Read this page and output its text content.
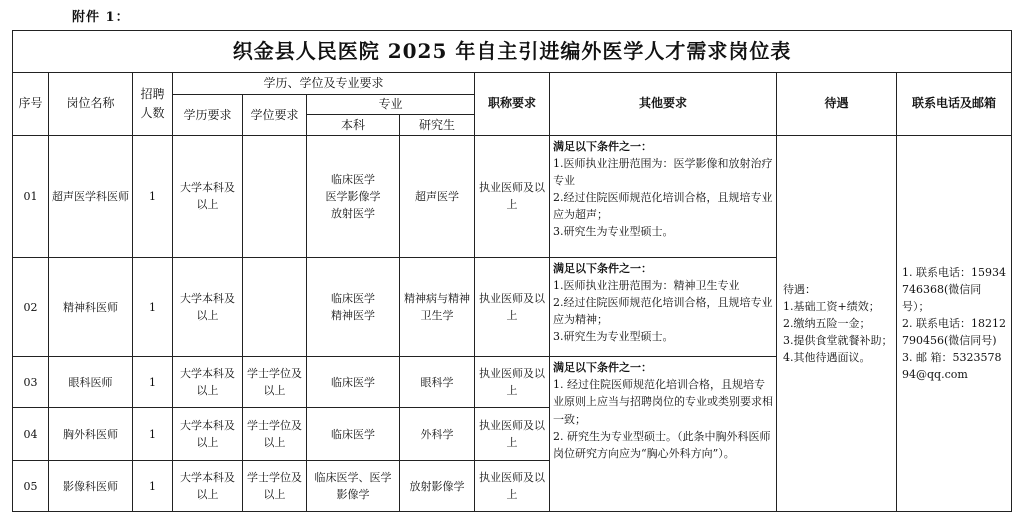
附件 1：
织金县人民医院 2025 年自主引进编外医学人才需求岗位表										
序号	岗位名称	招聘人数	学历、学位及专业要求				职称要求	其他要求	待遇	联系电话及邮箱
			学历要求	学位要求	专业					
					本科	研究生				
01	超声医学科医师	1	大学本科及以上		临床医学
医学影像学
放射医学	超声医学	执业医师及以上	满足以下条件之一：
1.医师执业注册范围为：医学影像和放射治疗专业
2.经过住院医师规范化培训合格，且规培专业应为超声；
3.研究生为专业型硕士。	待遇：
1.基础工资+绩效；
2.缴纳五险一金；
3.提供食堂就餐补助；
4.其他待遇面议。	1. 联系电话：15934746368(微信同号）；
2. 联系电话：18212790456(微信同号)
3. 邮 箱：532357894@qq.com

02	精神科医师	1	大学本科及以上		临床医学
精神医学	精神病与精神卫生学	执业医师及以上	满足以下条件之一：
1.医师执业注册范围为：精神卫生专业
2.经过住院医师规范化培训合格，且规培专业应为精神；
3.研究生为专业型硕士。		

03	眼科医师	1	大学本科及以上	学士学位及以上	临床医学	眼科学	执业医师及以上	满足以下条件之一：
1. 经过住院医师规范化培训合格，且规培专业原则上应当与招聘岗位的专业或类别要求相一致；
2. 研究生为专业型硕士。（此条中胸外科医师岗位研究方向应为“胸心外科方向”）。		

04	胸外科医师	1	大学本科及以上	学士学位及以上	临床医学	外科学	执业医师及以上			
05	影像科医师	1	大学本科及以上	学士学位及以上	临床医学、医学影像学	放射影像学	执业医师及以上			
